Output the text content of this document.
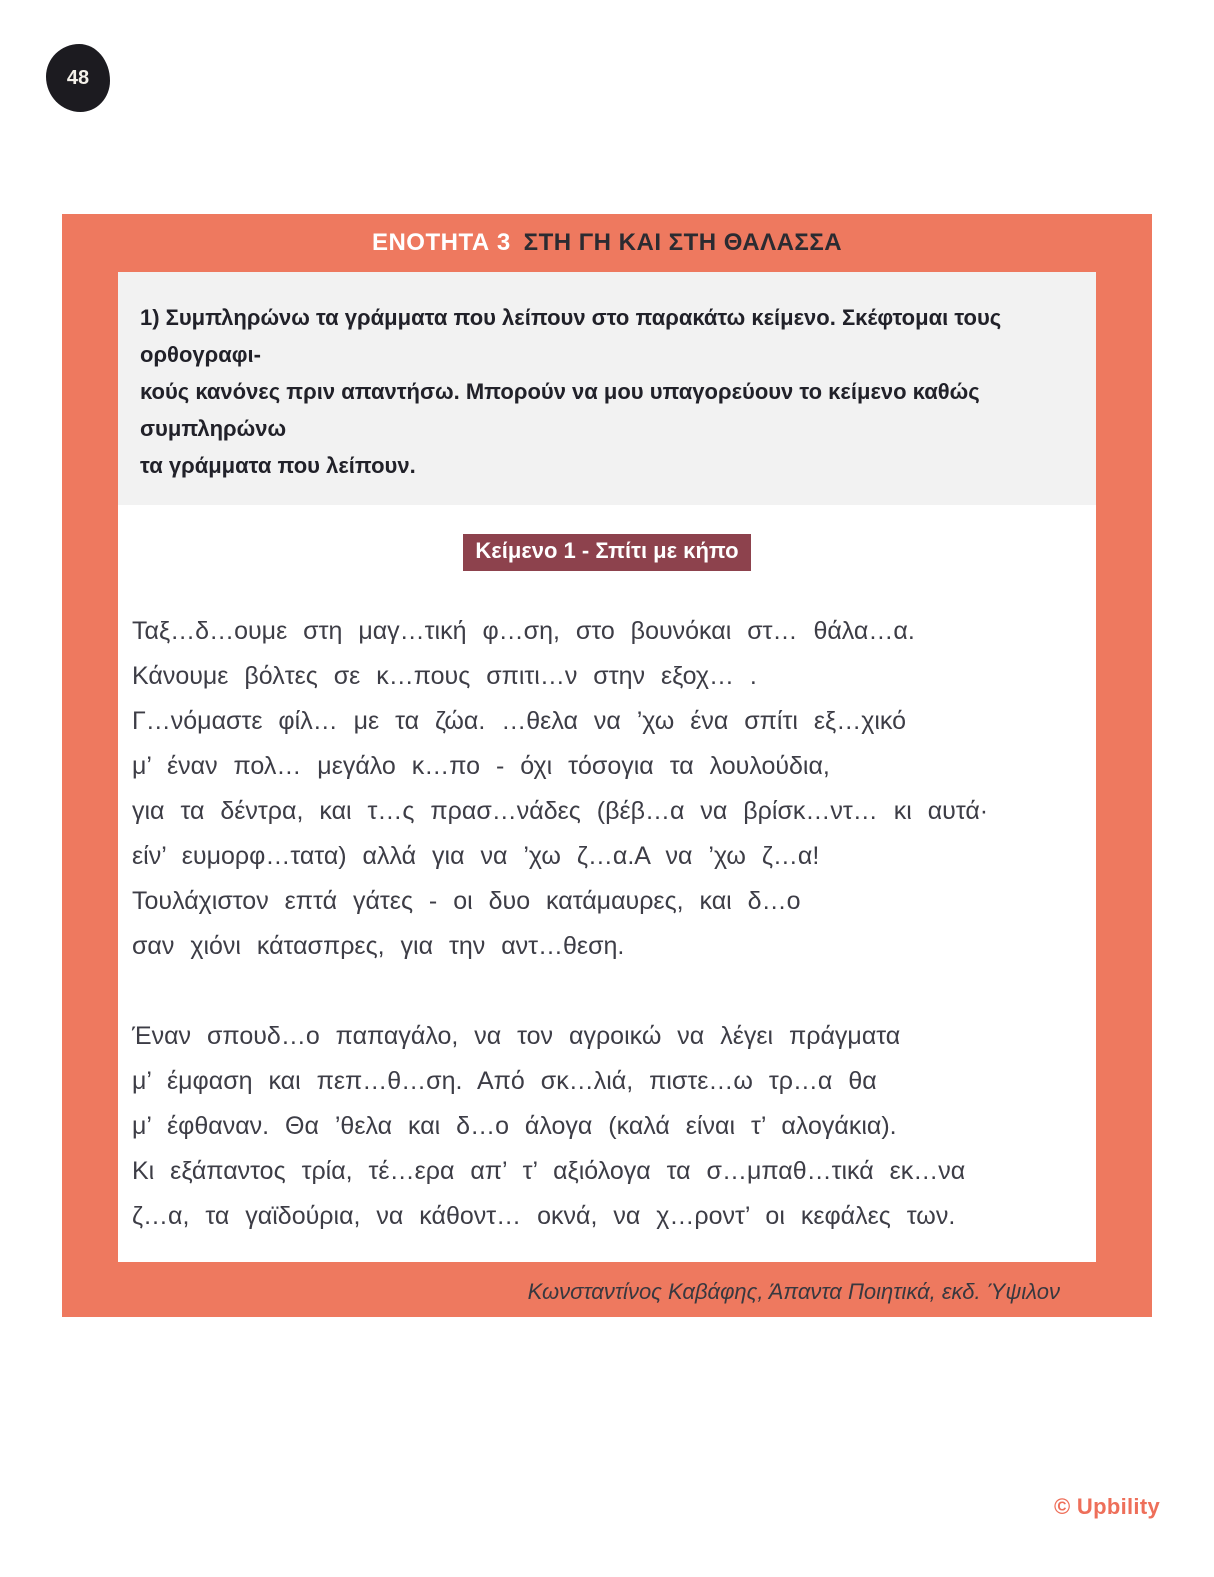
48
ΕΝΟΤΗΤΑ 3 ΣΤΗ ΓΗ ΚΑΙ ΣΤΗ ΘΑΛΑΣΣΑ
1) Συμπληρώνω τα γράμματα που λείπουν στο παρακάτω κείμενο. Σκέφτομαι τους ορθογραφι-
κούς κανόνες πριν απαντήσω. Μπορούν να μου υπαγορεύουν το κείμενο καθώς συμπληρώνω
τα γράμματα που λείπουν.
Κείμενο 1 - Σπίτι με κήπο
Ταξ…δ…ουμε στη μαγ…τική φ…ση, στο βουνόκαι στ… θάλα…α.
Κάνουμε βόλτες σε κ…πους σπιτι…ν στην εξοχ… .
Γ…νόμαστε φίλ… με τα ζώα. …θελα να ’χω ένα σπίτι εξ…χικό
μ’ έναν πολ… μεγάλο κ…πο - όχι τόσογια τα λουλούδια,
για τα δέντρα, και τ…ς πρασ…νάδες (βέβ…α να βρίσκ…ντ… κι αυτά·
είν’ ευμορφ…τατα) αλλά για να ’χω ζ…α.Α να ’χω ζ…α!
Τουλάχιστον επτά γάτες - οι δυο κατάμαυρες, και δ…ο
σαν χιόνι κάτασπρες, για την αντ…θεση.
Έναν σπουδ…ο παπαγάλο, να τον αγροικώ να λέγει πράγματα
μ’ έμφαση και πεπ…θ…ση. Από σκ…λιά, πιστε…ω τρ…α θα
μ’ έφθαναν. Θα ’θελα και δ…ο άλογα (καλά είναι τ’ αλογάκια).
Κι εξάπαντος τρία, τέ…ερα απ’ τ’ αξιόλογα τα σ…μπαθ…τικά εκ…να
ζ…α, τα γαϊδούρια, να κάθοντ… οκνά, να χ…ροντ’ οι κεφάλες των.
Κωνσταντίνος Καβάφης, Άπαντα Ποιητικά, εκδ. Ύψιλον
© Upbility
